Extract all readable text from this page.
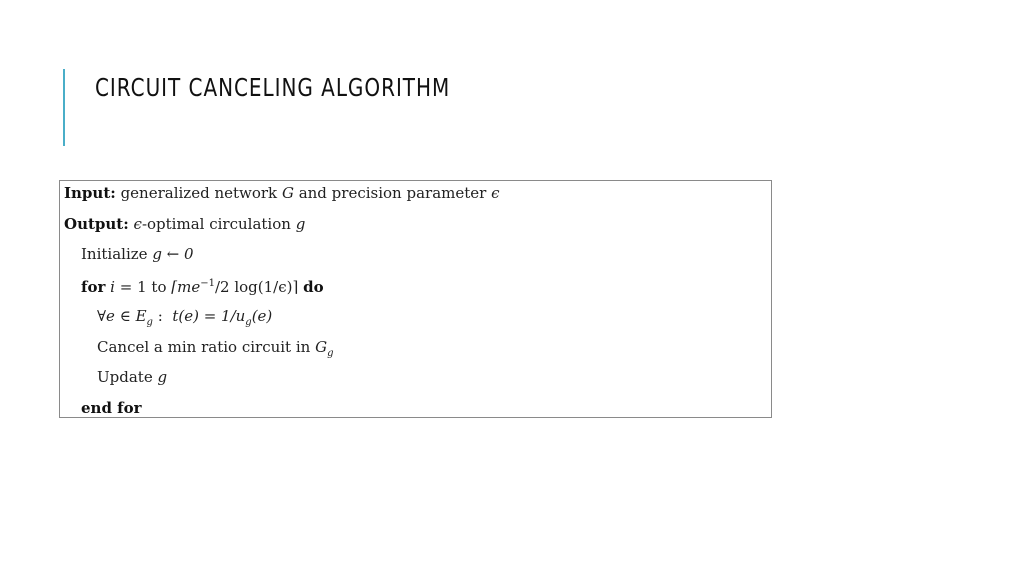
CIRCUIT CANCELING ALGORITHM
Input: generalized network G and precision parameter ϵ
Output: ϵ-optimal circulation g
Initialize g ← 0
for i = 1 to $⌈me^{-1}/2$ log(1/ϵ)⌉ do
∀e ∈ $E_g$ : $t(e) = 1/u_g(e)$
Cancel a min ratio circuit in $G_g$
Update g
end for
